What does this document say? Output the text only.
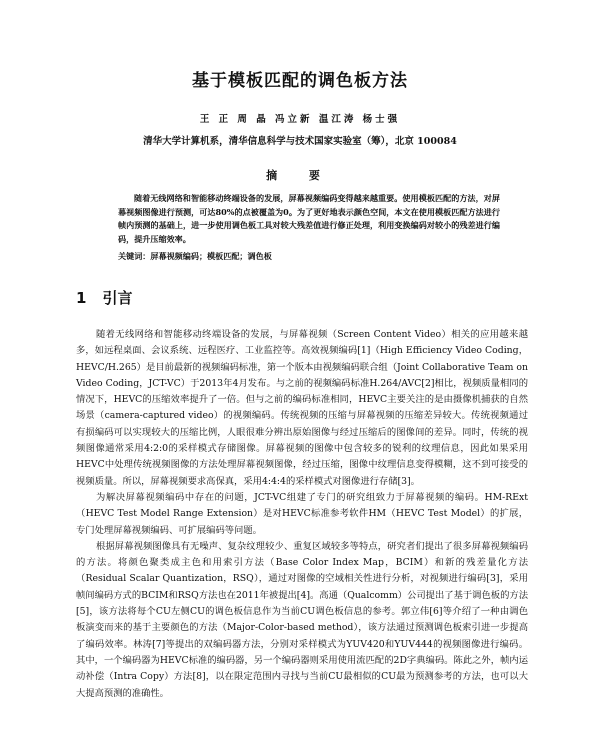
基于模板匹配的调色板方法
王 正 周 晶 冯立新 温江涛 杨士强
清华大学计算机系，清华信息科学与技术国家实验室（筹），北京 100084
摘 要
随着无线网络和智能移动终端设备的发展，屏幕视频编码变得越来越重要。使用模板匹配的方法，对屏幕视频图像进行预测，可达80%的点被覆盖为0。为了更好地表示颜色空间，本文在使用模板匹配方法进行帧内预测的基础上，进一步使用调色板工具对较大残差值进行修正处理，利用变换编码对较小的残差进行编码，提升压缩效率。
关键词：屏幕视频编码；模板匹配；调色板
1 引言

随着无线网络和智能移动终端设备的发展，与屏幕视频（Screen Content Video）相关的应用越来越多，如远程桌面、会议系统、远程医疗、工业监控等。高效视频编码[1]（High Efficiency Video Coding，HEVC/H.265）是目前最新的视频编码标准，第一个版本由视频编码联合组（Joint Collaborative Team on Video Coding，JCT-VC）于2013年4月发布。与之前的视频编码标准H.264/AVC[2]相比，视频质量相同的情况下，HEVC的压缩效率提升了一倍。但与之前的编码标准相同，HEVC主要关注的是由摄像机捕获的自然场景（camera-captured video）的视频编码。传统视频的压缩与屏幕视频的压缩差异较大。传统视频通过有损编码可以实现较大的压缩比例，人眼很难分辨出原始图像与经过压缩后的图像间的差异。同时，传统的视频图像通常采用4:2:0的采样模式存储图像。屏幕视频的图像中包含较多的锐利的纹理信息，因此如果采用HEVC中处理传统视频图像的方法处理屏幕视频图像，经过压缩，图像中纹理信息变得模糊，这不到可接受的视频质量。所以，屏幕视频要求高保真，采用4:4:4的采样模式对图像进行存储[3]。

为解决屏幕视频编码中存在的问题，JCT-VC组建了专门的研究组致力于屏幕视频的编码。HM-RExt（HEVC Test Model Range Extension）是对HEVC标准参考软件HM（HEVC Test Model）的扩展，专门处理屏幕视频编码、可扩展编码等问题。

根据屏幕视频图像具有无噪声、复杂纹理较少、重复区域较多等特点，研究者们提出了很多屏幕视频编码的方法。将颜色聚类成主色和用索引方法（Base Color Index Map，BCIM）和新的残差量化方法（Residual Scalar Quantization，RSQ），通过对图像的空域相关性进行分析，对视频进行编码[3]，采用帧间编码方式的BCIM和RSQ方法也在2011年被提出[4]。高通（Qualcomm）公司提出了基于调色板的方法[5]，该方法将每个CU左侧CU的调色板信息作为当前CU调色板信息的参考。郭立伟[6]等介绍了一种由调色板演变而来的基于主要颜色的方法（Major-Color-based method），该方法通过预测调色板索引进一步提高了编码效率。林涛[7]等提出的双编码器方法，分别对采样模式为YUV420和YUV444的视频图像进行编码。其中，一个编码器为HEVC标准的编码器，另一个编码器则采用使用流匹配的2D字典编码。陈此之外，帧内运动补偿（Intra Copy）方法[8]，以在限定范围内寻找与当前CU最相似的CU最为预测参考的方法，也可以大大提高预测的准确性。
